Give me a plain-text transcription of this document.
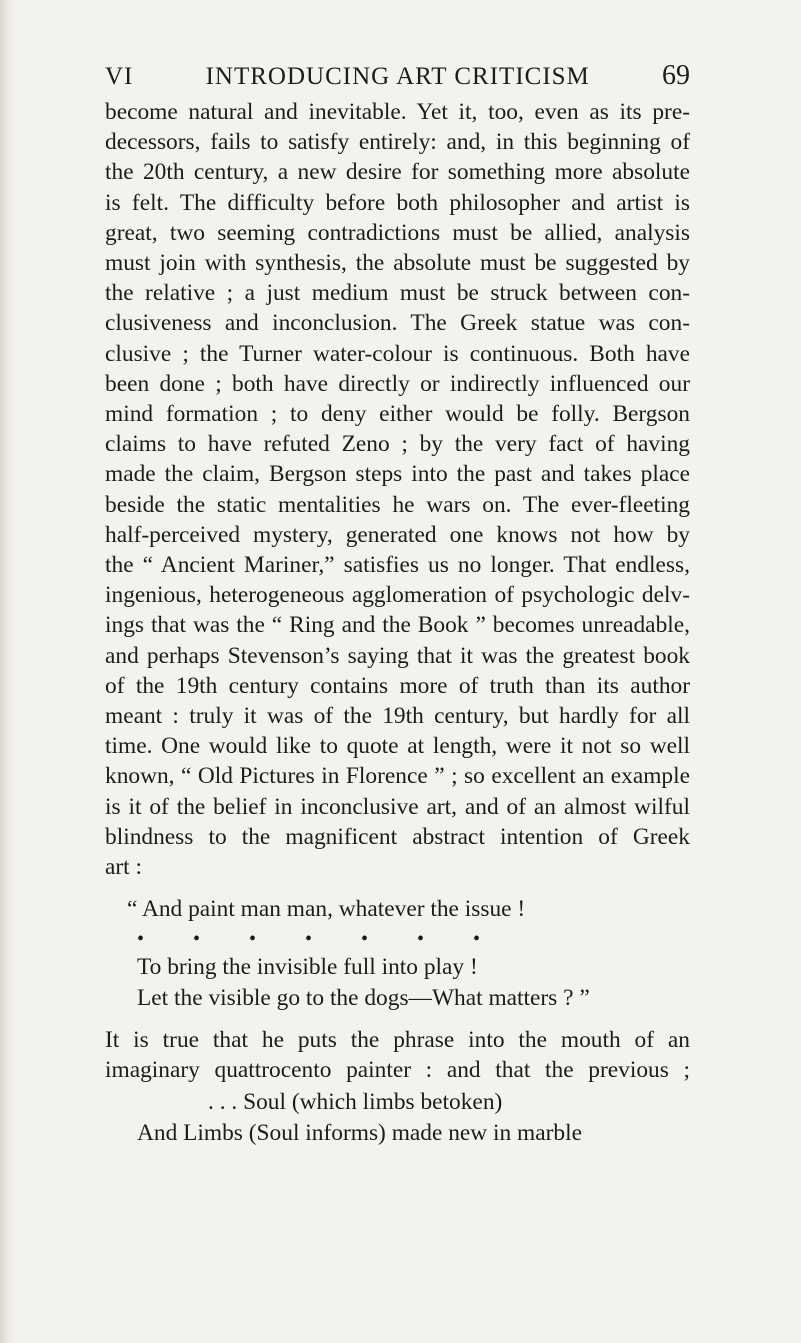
VI	INTRODUCING ART CRITICISM	69
become natural and inevitable. Yet it, too, even as its pre-
decessors, fails to satisfy entirely: and, in this beginning of
the 20th century, a new desire for something more absolute
is felt. The difficulty before both philosopher and artist is
great, two seeming contradictions must be allied, analysis
must join with synthesis, the absolute must be suggested by
the relative ; a just medium must be struck between con-
clusiveness and inconclusion. The Greek statue was con-
clusive ; the Turner water-colour is continuous. Both have
been done ; both have directly or indirectly influenced our
mind formation ; to deny either would be folly. Bergson
claims to have refuted Zeno ; by the very fact of having
made the claim, Bergson steps into the past and takes place
beside the static mentalities he wars on. The ever-fleeting
half-perceived mystery, generated one knows not how by
the “ Ancient Mariner,” satisfies us no longer. That endless,
ingenious, heterogeneous agglomeration of psychologic delv-
ings that was the “ Ring and the Book ” becomes unreadable,
and perhaps Stevenson’s saying that it was the greatest book
of the 19th century contains more of truth than its author
meant : truly it was of the 19th century, but hardly for all
time. One would like to quote at length, were it not so well
known, “ Old Pictures in Florence ” ; so excellent an example
is it of the belief in inconclusive art, and of an almost wilful
blindness to the magnificent abstract intention of Greek
art :
“ And paint man man, whatever the issue !
• • • • • • •
To bring the invisible full into play !
Let the visible go to the dogs—What matters ? ”
It is true that he puts the phrase into the mouth of an
imaginary quattrocento painter : and that the previous ;
. . . Soul (which limbs betoken)
And Limbs (Soul informs) made new in marble
